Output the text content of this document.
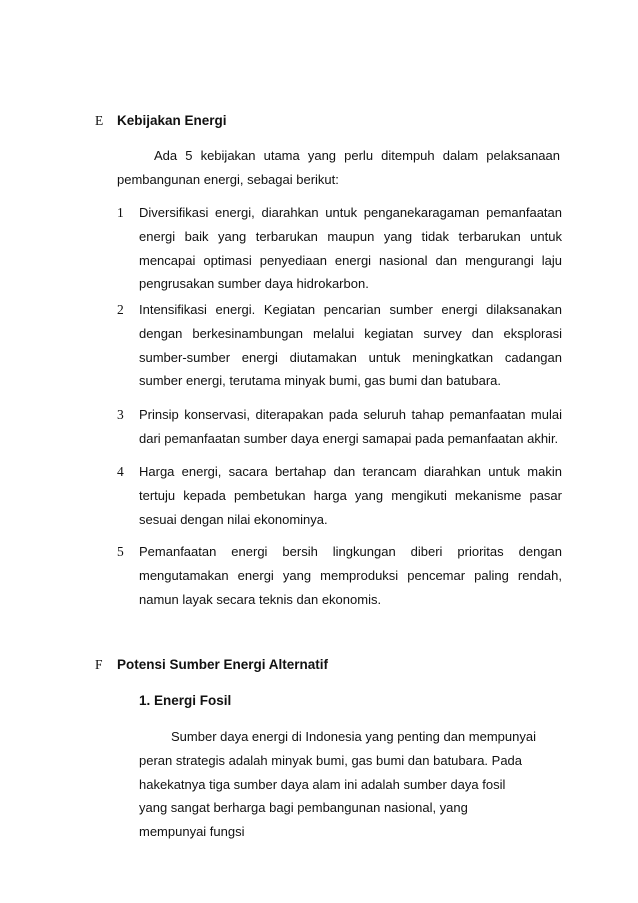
E	Kebijakan Energi

Ada 5 kebijakan utama yang perlu ditempuh dalam pelaksanaan pembangunan energi, sebagai berikut:

1	Diversifikasi energi, diarahkan untuk penganekaragaman pemanfaatan energi baik yang terbarukan maupun yang tidak terbarukan untuk mencapai optimasi penyediaan energi nasional dan mengurangi laju pengrusakan sumber daya hidrokarbon.
2	Intensifikasi energi. Kegiatan pencarian sumber energi dilaksanakan dengan berkesinambungan melalui kegiatan survey dan eksplorasi sumber-sumber energi diutamakan untuk meningkatkan cadangan sumber energi, terutama minyak bumi, gas bumi dan batubara.
3	Prinsip konservasi, diterapakan pada seluruh tahap pemanfaatan mulai dari pemanfaatan sumber daya energi samapai pada pemanfaatan akhir.
4	Harga energi, sacara bertahap dan terancam diarahkan untuk makin tertuju kepada pembetukan harga yang mengikuti mekanisme pasar sesuai dengan nilai ekonominya.
5	Pemanfaatan energi bersih lingkungan diberi prioritas dengan mengutamakan energi yang memproduksi pencemar paling rendah, namun layak secara teknis dan ekonomis.
F	Potensi Sumber Energi Alternatif
1. Energi Fosil

Sumber daya energi di Indonesia yang penting dan mempunyai peran strategis adalah minyak bumi, gas bumi dan batubara. Pada hakekatnya tiga sumber daya alam ini adalah sumber daya fosil yang sangat berharga bagi pembangunan nasional, yang mempunyai fungsi
